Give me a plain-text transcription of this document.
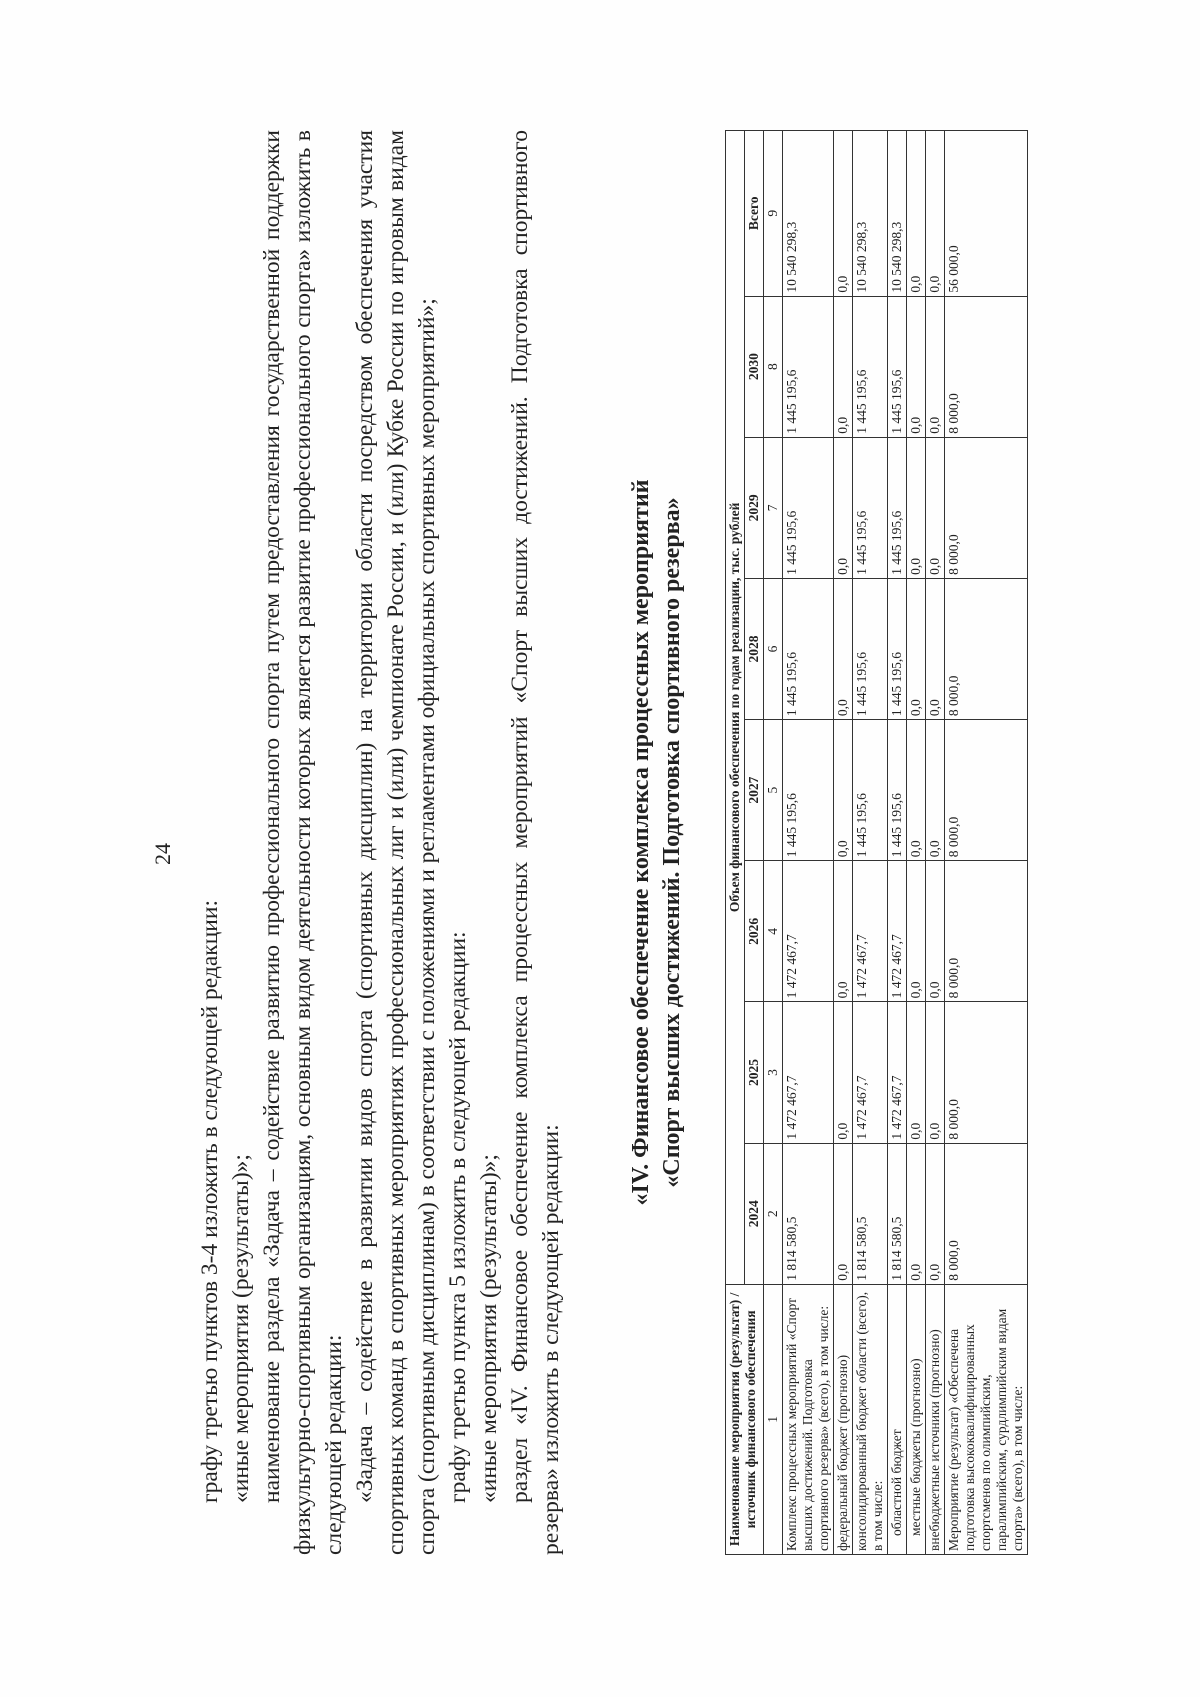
24

графу третью пунктов 3-4 изложить в следующей редакции: «иные мероприятия (результаты)»; наименование раздела «Задача – содействие развитию профессионального спорта путем предоставления государственной поддержки физкультурно-спортивным организациям, основным видом деятельности которых является развитие профессионального спорта» изложить в следующей редакции: «Задача – содействие в развитии видов спорта (спортивных дисциплин) на территории области посредством обеспечения участия спортивных команд в спортивных мероприятиях профессиональных лиг и (или) чемпионате России, и (или) Кубке России по игровым видам спорта (спортивным дисциплинам) в соответствии с положениями и регламентами официальных спортивных мероприятий»; графу третью пункта 5 изложить в следующей редакции: «иные мероприятия (результаты)»; раздел «IV. Финансовое обеспечение комплекса процессных мероприятий «Спорт высших достижений. Подготовка спортивного резерва» изложить в следующей редакции:

«IV. Финансовое обеспечение комплекса процессных мероприятий «Спорт высших достижений. Подготовка спортивного резерва»

Наименование мероприятия (результат) / источник финансового обеспечения	Объем финансового обеспечения по годам реализации, тыс. рублей							
	2024	2025	2026	2027	2028	2029	2030	Всего
1	2	3	4	5	6	7	8	9
Комплекс процессных мероприятий «Спорт высших достижений. Подготовка спортивного резерва» (всего), в том числе:	1 814 580,5	1 472 467,7	1 472 467,7	1 445 195,6	1 445 195,6	1 445 195,6	1 445 195,6	10 540 298,3
федеральный бюджет (прогнозно)	0,0	0,0	0,0	0,0	0,0	0,0	0,0	0,0
консолидированный бюджет области (всего), в том числе:	1 814 580,5	1 472 467,7	1 472 467,7	1 445 195,6	1 445 195,6	1 445 195,6	1 445 195,6	10 540 298,3
областной бюджет	1 814 580,5	1 472 467,7	1 472 467,7	1 445 195,6	1 445 195,6	1 445 195,6	1 445 195,6	10 540 298,3
местные бюджеты (прогнозно)	0,0	0,0	0,0	0,0	0,0	0,0	0,0	0,0
внебюджетные источники (прогнозно)	0,0	0,0	0,0	0,0	0,0	0,0	0,0	0,0
Мероприятие (результат) «Обеспечена подготовка высококвалифицированных спортсменов по олимпийским, паралимпийским, сурдлимпийским видам спорта» (всего), в том числе:	8 000,0	8 000,0	8 000,0	8 000,0	8 000,0	8 000,0	8 000,0	56 000,0
